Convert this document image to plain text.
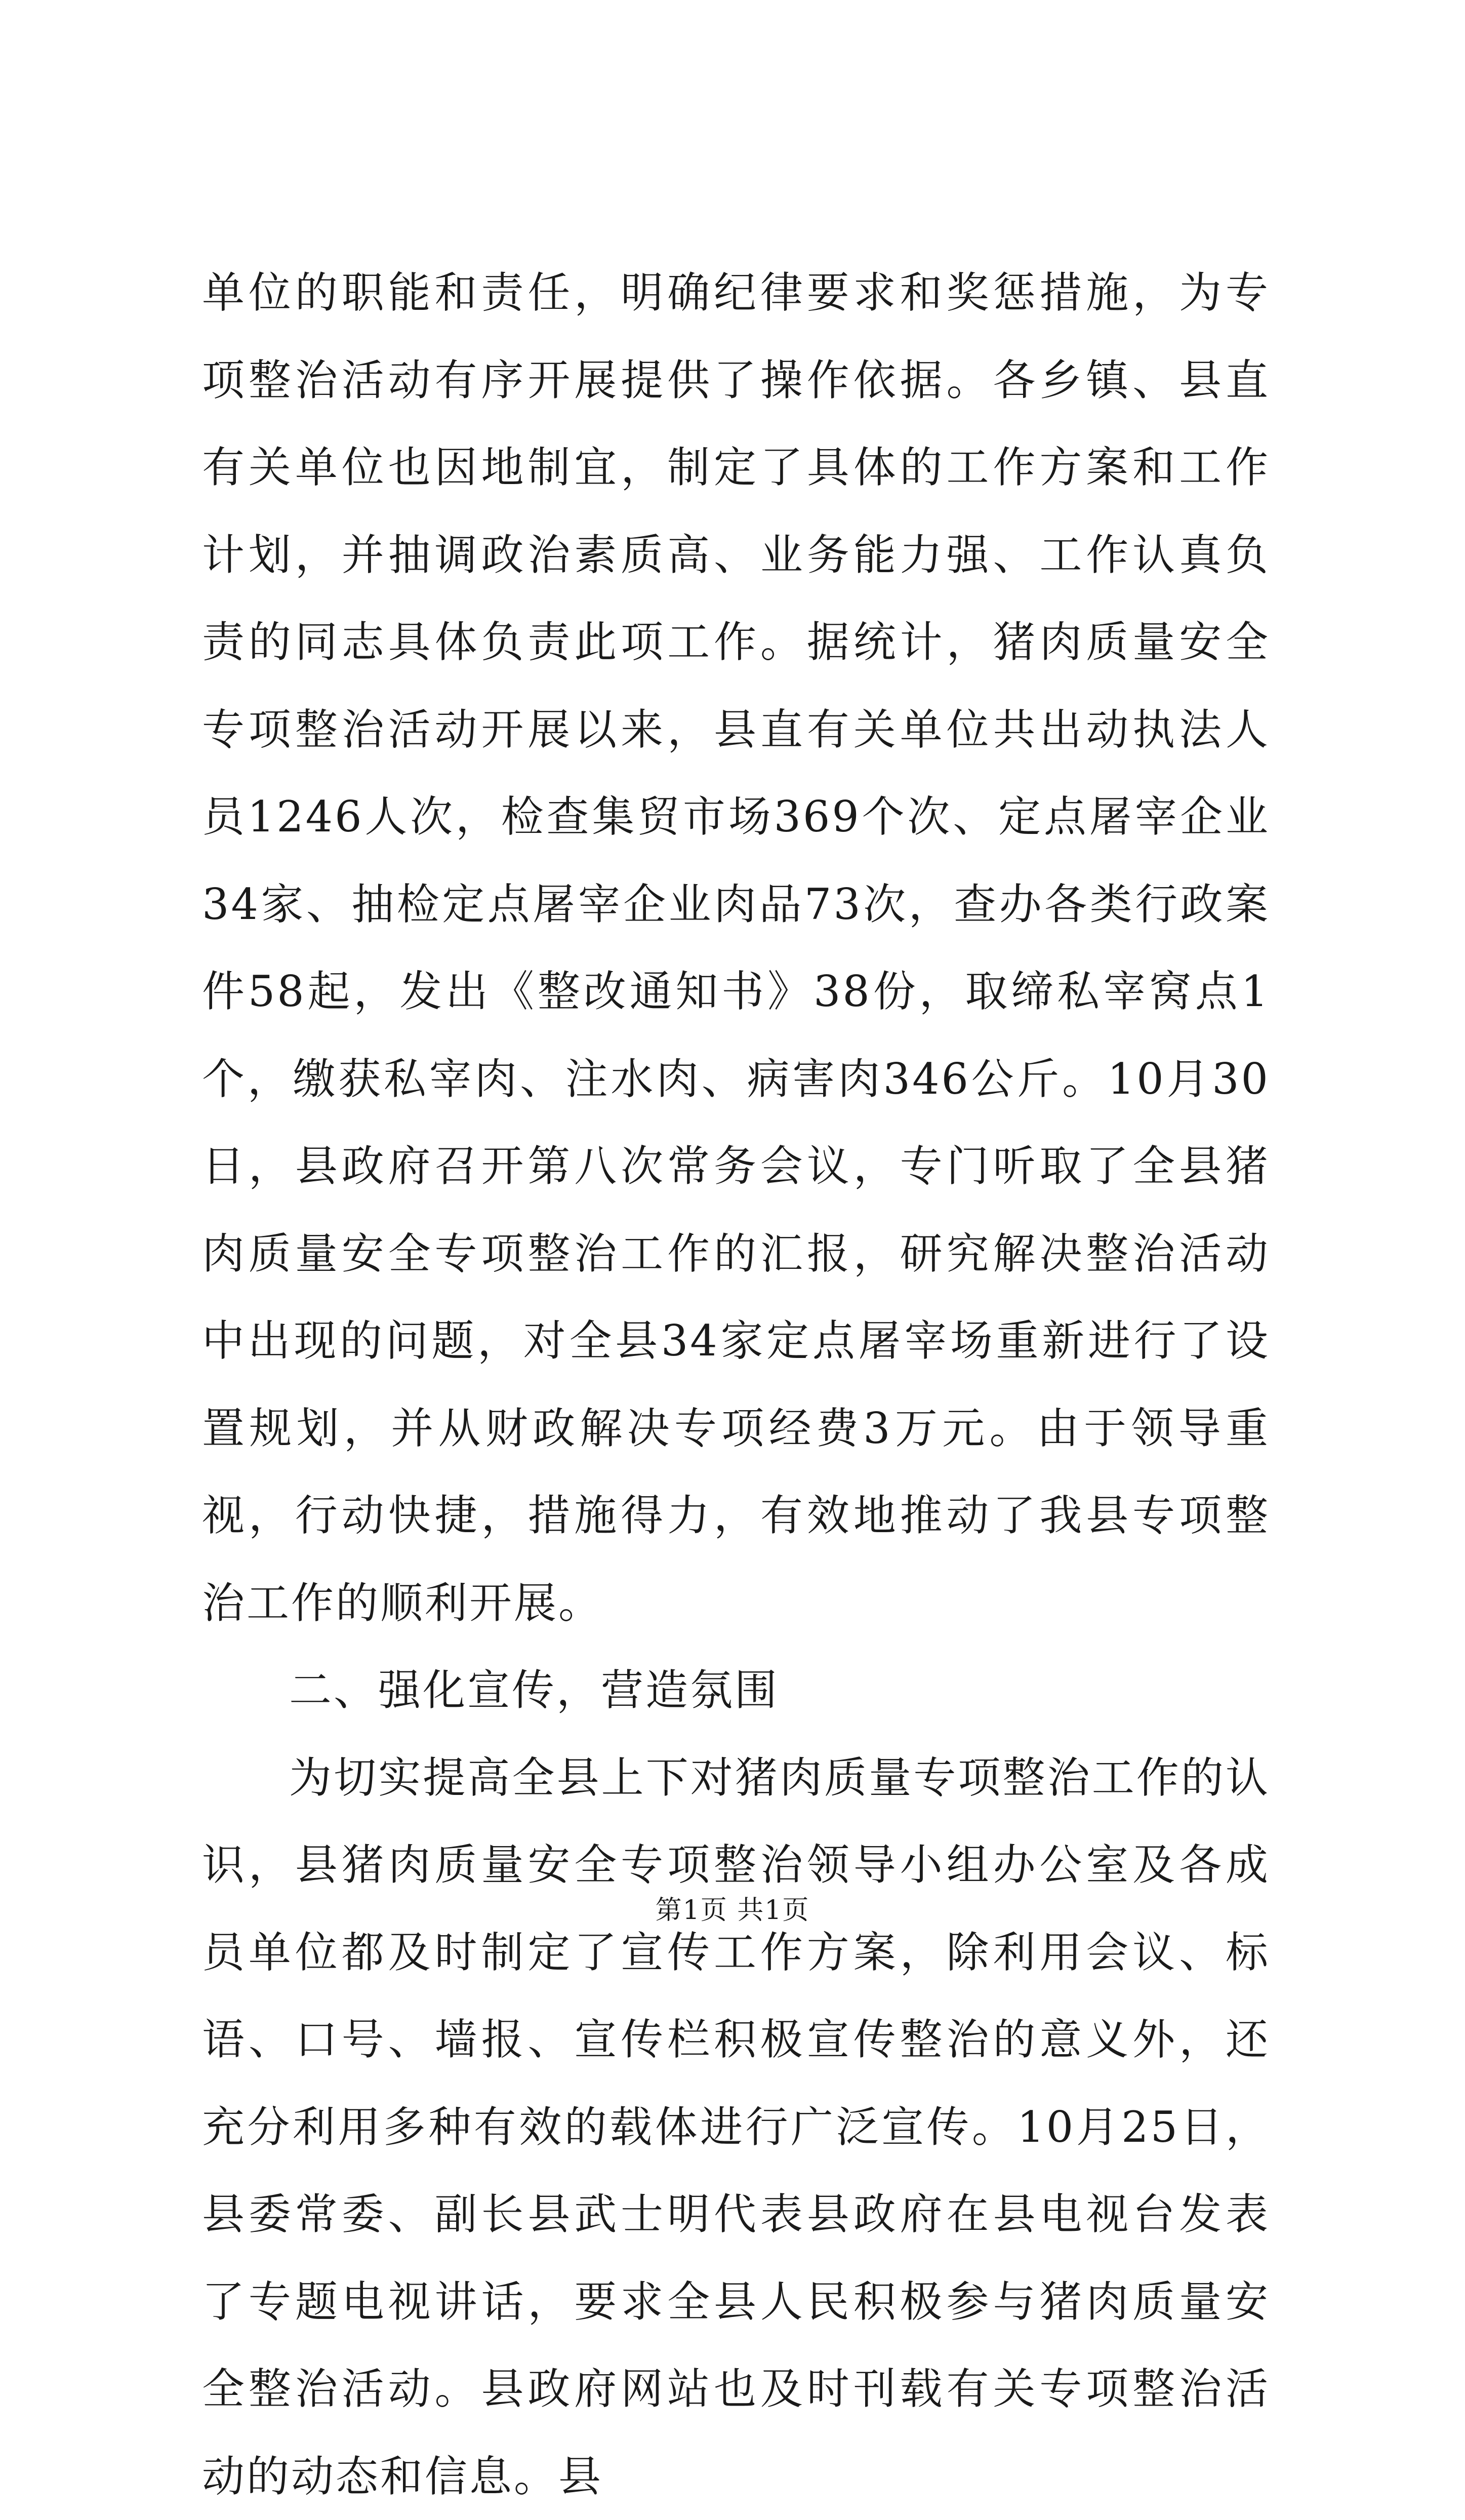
单位的职能和责任，明确纪律要求和奖惩措施，为专项整治活动有序开展提供了操作依据。各乡镇、县直有关单位也因地制宜，制定了具体的工作方案和工作计划，并抽调政治素质高、业务能力强、工作认真负责的同志具体负责此项工作。据统计，猪肉质量安全专项整治活动开展以来，县直有关单位共出动执法人员1246人次，检查集贸市场369个次、定点屠宰企业34家、抽检定点屠宰企业肉品73次，查办各类行政案件58起，发出《整改通知书》38份，取缔私宰窝点1个，缴获私宰肉、注水肉、病害肉346公斤。10月30日，县政府召开第八次常务会议，专门听取了全县猪肉质量安全专项整治工作的汇报，研究解决整治活动中出现的问题，对全县34家定点屠宰场重新进行了设置规划，并从财政解决专项经费3万元。由于领导重视，行动快捷，措施得力，有效地推动了我县专项整治工作的顺利开展。

二、强化宣传，营造氛围

为切实提高全县上下对猪肉质量专项整治工作的认识，县猪肉质量安全专项整治领导小组办公室及各成员单位都及时制定了宣传工作方案，除利用会议、标语、口号、墙报、宣传栏积极宣传整治的意义外，还充分利用多种有效的载体进行广泛宣传。10月25日，县委常委、副长县武士明代表县政府在县电视台发表了专题电视讲话，要求全县人民积极参与猪肉质量安全整治活动。县政府网站也及时刊载有关专项整治活动的动态和信息。县

第1页 共1页
